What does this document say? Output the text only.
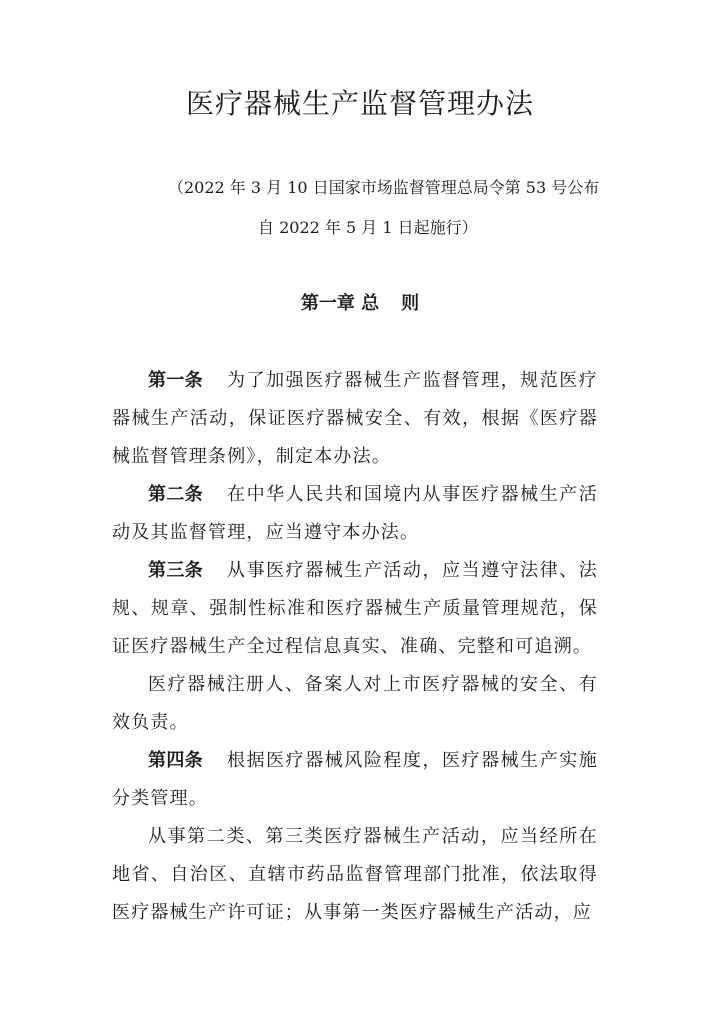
医疗器械生产监督管理办法

（2022 年 3 月 10 日国家市场监督管理总局令第 53 号公布

自 2022 年 5 月 1 日起施行）

第一章 总 则

第一条 为了加强医疗器械生产监督管理，规范医疗器械生产活动，保证医疗器械安全、有效，根据《医疗器械监督管理条例》，制定本办法。

第二条 在中华人民共和国境内从事医疗器械生产活动及其监督管理，应当遵守本办法。

第三条 从事医疗器械生产活动，应当遵守法律、法规、规章、强制性标准和医疗器械生产质量管理规范，保证医疗器械生产全过程信息真实、准确、完整和可追溯。

医疗器械注册人、备案人对上市医疗器械的安全、有效负责。

第四条 根据医疗器械风险程度，医疗器械生产实施分类管理。

从事第二类、第三类医疗器械生产活动，应当经所在地省、自治区、直辖市药品监督管理部门批准，依法取得医疗器械生产许可证；从事第一类医疗器械生产活动，应
